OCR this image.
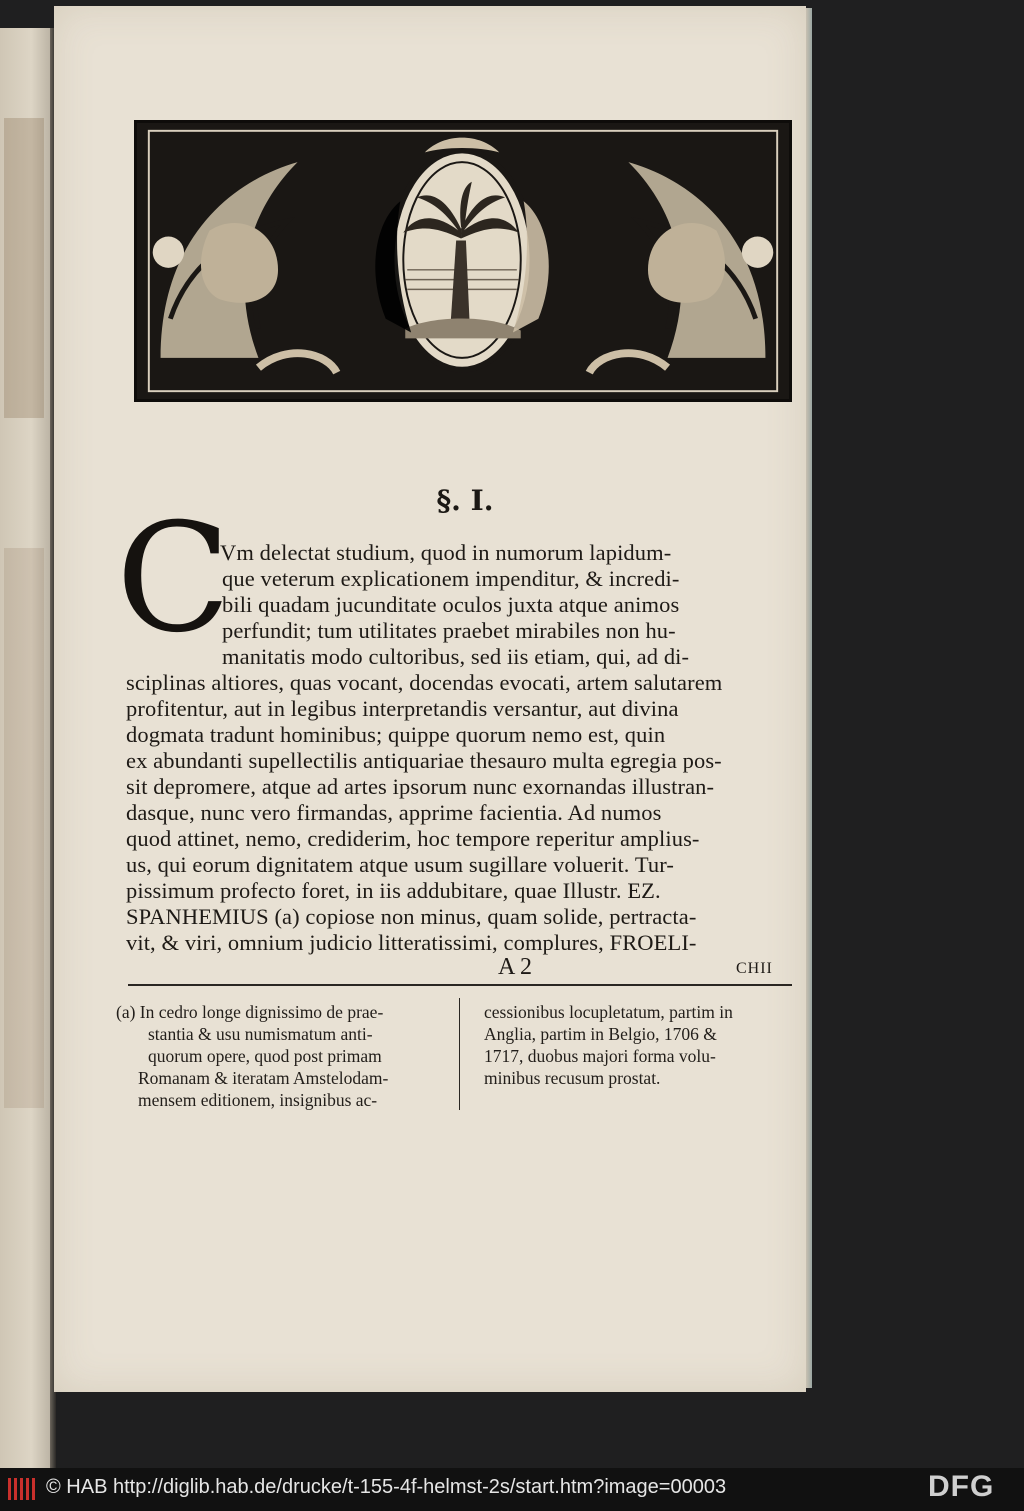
§. I.
C
Vm delectat studium, quod in numorum lapidum-
que veterum explicationem impenditur, & incredi-
bili quadam jucunditate oculos juxta atque animos
perfundit; tum utilitates praebet mirabiles non hu-
manitatis modo cultoribus, sed iis etiam, qui, ad di-
sciplinas altiores, quas vocant, docendas evocati, artem salutarem
profitentur, aut in legibus interpretandis versantur, aut divina
dogmata tradunt hominibus; quippe quorum nemo est, quin
ex abundanti supellectilis antiquariae thesauro multa egregia pos-
sit depromere, atque ad artes ipsorum nunc exornandas illustran-
dasque, nunc vero firmandas, apprime facientia. Ad numos
quod attinet, nemo, crediderim, hoc tempore reperitur amplius-
us, qui eorum dignitatem atque usum sugillare voluerit. Tur-
pissimum profecto foret, in iis addubitare, quae Illustr. EZ.
SPANHEMIUS (a) copiose non minus, quam solide, pertracta-
vit, & viri, omnium judicio litteratissimi, complures, FROELI-
A 2	CHII
(a) In cedro longe dignissimo de prae-
stantia & usu numismatum anti-
quorum opere, quod post primam
Romanam & iteratam Amstelodam-
mensem editionem, insignibus ac-
cessionibus locupletatum, partim in
Anglia, partim in Belgio, 1706 &
1717, duobus majori forma volu-
minibus recusum prostat.
© HAB http://diglib.hab.de/drucke/t-155-4f-helmst-2s/start.htm?image=00003	DFG
